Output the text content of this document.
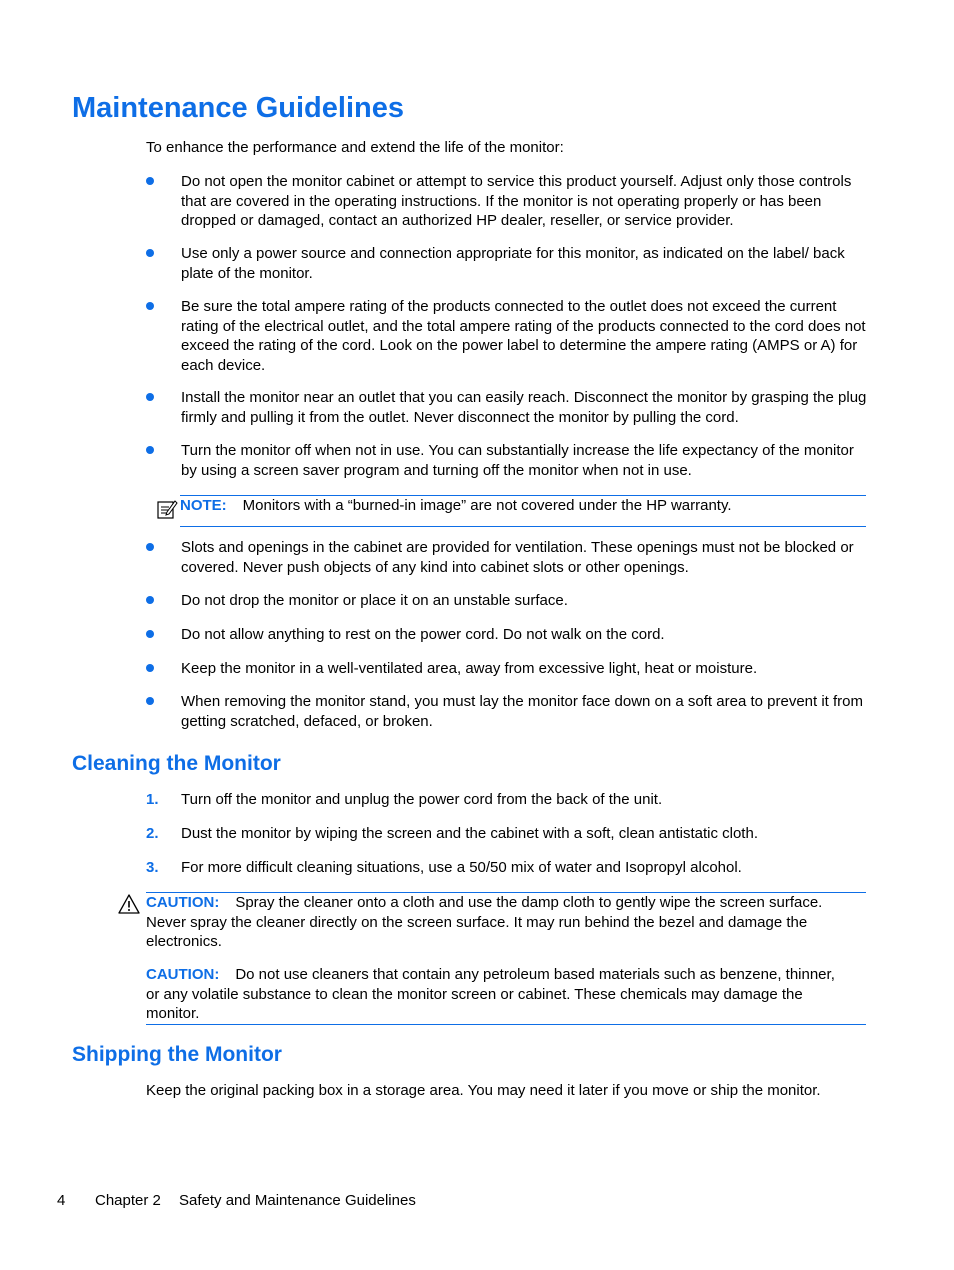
Maintenance Guidelines
To enhance the performance and extend the life of the monitor:
Do not open the monitor cabinet or attempt to service this product yourself. Adjust only those controls that are covered in the operating instructions. If the monitor is not operating properly or has been dropped or damaged, contact an authorized HP dealer, reseller, or service provider.
Use only a power source and connection appropriate for this monitor, as indicated on the label/ back plate of the monitor.
Be sure the total ampere rating of the products connected to the outlet does not exceed the current rating of the electrical outlet, and the total ampere rating of the products connected to the cord does not exceed the rating of the cord. Look on the power label to determine the ampere rating (AMPS or A) for each device.
Install the monitor near an outlet that you can easily reach. Disconnect the monitor by grasping the plug firmly and pulling it from the outlet. Never disconnect the monitor by pulling the cord.
Turn the monitor off when not in use. You can substantially increase the life expectancy of the monitor by using a screen saver program and turning off the monitor when not in use.
NOTE: Monitors with a “burned-in image” are not covered under the HP warranty.
Slots and openings in the cabinet are provided for ventilation. These openings must not be blocked or covered. Never push objects of any kind into cabinet slots or other openings.
Do not drop the monitor or place it on an unstable surface.
Do not allow anything to rest on the power cord. Do not walk on the cord.
Keep the monitor in a well-ventilated area, away from excessive light, heat or moisture.
When removing the monitor stand, you must lay the monitor face down on a soft area to prevent it from getting scratched, defaced, or broken.
Cleaning the Monitor
1. Turn off the monitor and unplug the power cord from the back of the unit.
2. Dust the monitor by wiping the screen and the cabinet with a soft, clean antistatic cloth.
3. For more difficult cleaning situations, use a 50/50 mix of water and Isopropyl alcohol.
CAUTION: Spray the cleaner onto a cloth and use the damp cloth to gently wipe the screen surface. Never spray the cleaner directly on the screen surface. It may run behind the bezel and damage the electronics.
CAUTION: Do not use cleaners that contain any petroleum based materials such as benzene, thinner, or any volatile substance to clean the monitor screen or cabinet. These chemicals may damage the monitor.
Shipping the Monitor
Keep the original packing box in a storage area. You may need it later if you move or ship the monitor.
4 Chapter 2 Safety and Maintenance Guidelines
